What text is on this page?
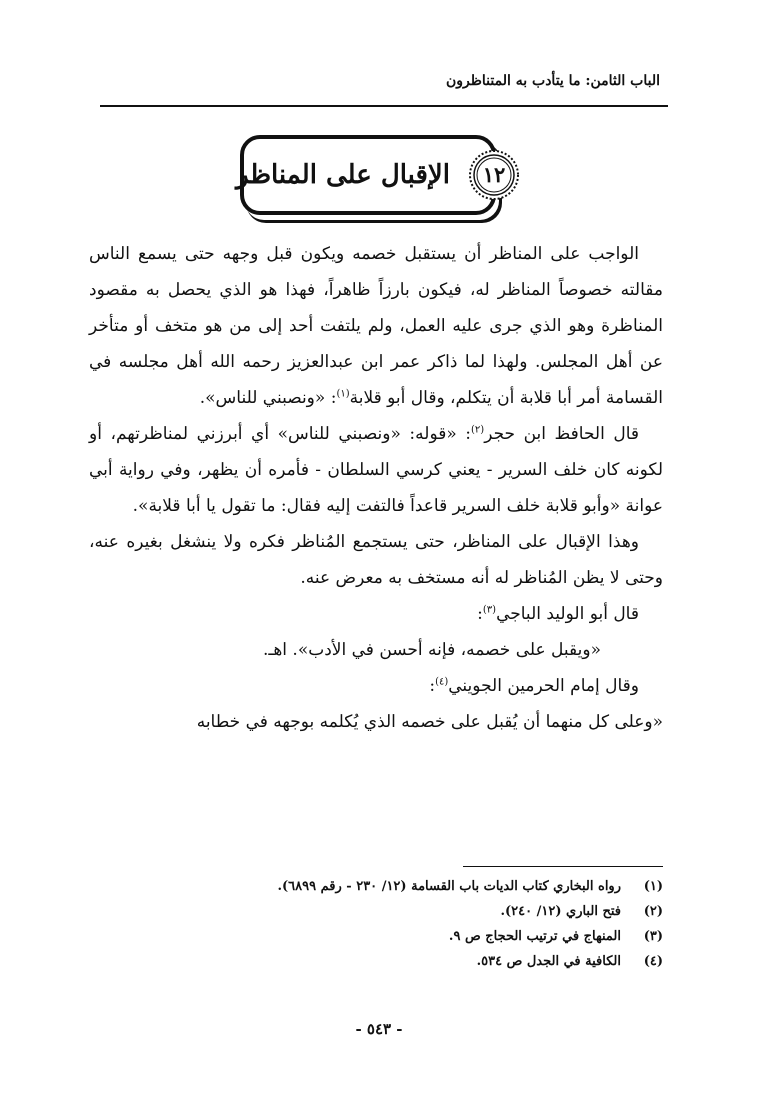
الباب الثامن: ما يتأدب به المتناظرون
الإقبال على المناظر	١٢

الواجب على المناظر أن يستقبل خصمه ويكون قبل وجهه حتى يسمع الناس مقالته خصوصاً المناظر له، فيكون بارزاً ظاهراً، فهذا هو الذي يحصل به مقصود المناظرة وهو الذي جرى عليه العمل، ولم يلتفت أحد إلى من هو متخف أو متأخر عن أهل المجلس. ولهذا لما ذاكر عمر ابن عبدالعزيز رحمه الله أهل مجلسه في القسامة أمر أبا قلابة أن يتكلم، وقال أبو قلابة$^{(١)}$: «ونصبني للناس».

قال الحافظ ابن حجر$^{(٢)}$: «قوله: «ونصبني للناس» أي أبرزني لمناظرتهم، أو لكونه كان خلف السرير - يعني كرسي السلطان - فأمره أن يظهر، وفي رواية أبي عوانة «وأبو قلابة خلف السرير قاعداً فالتفت إليه فقال: ما تقول يا أبا قلابة».

وهذا الإقبال على المناظر، حتى يستجمع المُناظر فكره ولا ينشغل بغيره عنه، وحتى لا يظن المُناظر له أنه مستخف به معرض عنه.

قال أبو الوليد الباجي$^{(٣)}$:

«ويقبل على خصمه، فإنه أحسن في الأدب». اهـ.

وقال إمام الحرمين الجويني$^{(٤)}$:

«وعلى كل منهما أن يُقبل على خصمه الذي يُكلمه بوجهه في خطابه

(١)
رواه البخاري كتاب الديات باب القسامة (١٢/ ٢٣٠ - رقم ٦٨٩٩).
(٢)
فتح الباري (١٢/ ٢٤٠).
(٣)
المنهاج في ترتيب الحجاج ص ٩.
(٤)
الكافية في الجدل ص ٥٣٤.
- ٥٤٣ -
